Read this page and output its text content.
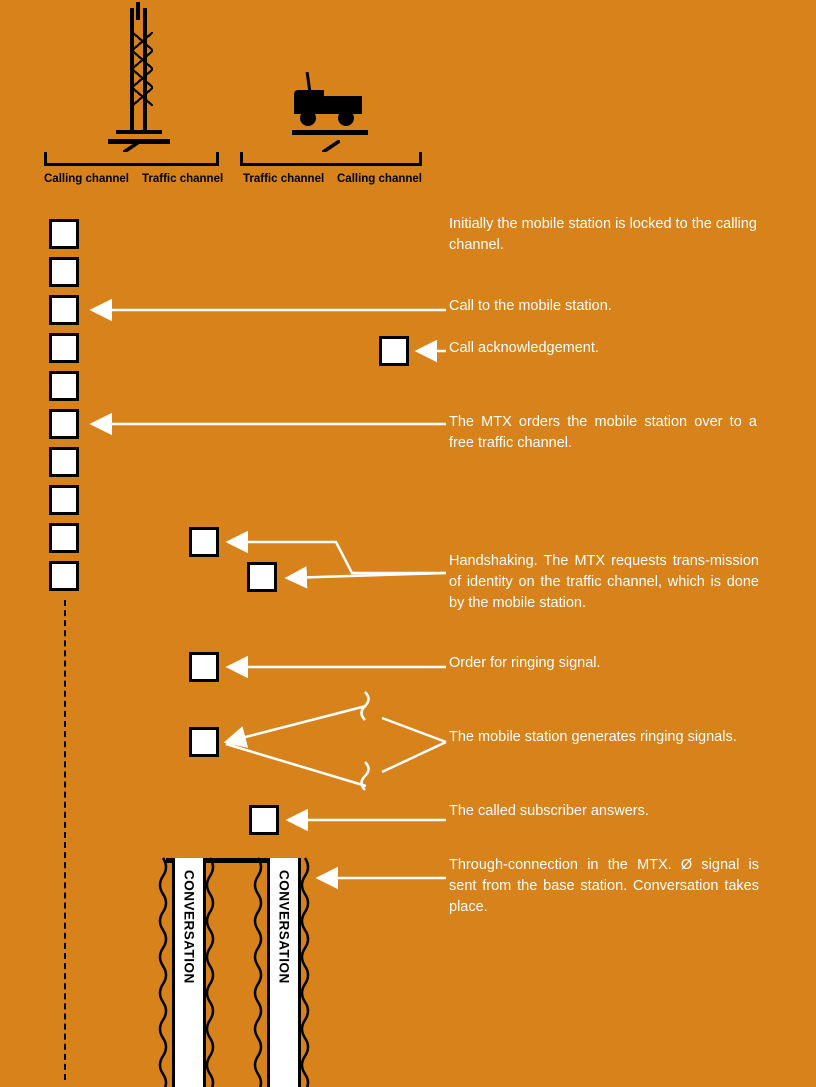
Calling channel Traffic channel Traffic channel Calling channel
CONVERSATION	CONVERSATION
Initially the mobile station is locked to the calling channel.
Call to the mobile station.
Call acknowledgement.
The MTX orders the mobile station over to a free traffic channel.
Handshaking. The MTX requests trans-mission of identity on the traffic channel, which is done by the mobile station.
Order for ringing signal.
The mobile station generates ringing signals.
The called subscriber answers.
Through-connection in the MTX. Ø signal is sent from the base station. Conversation takes place.
